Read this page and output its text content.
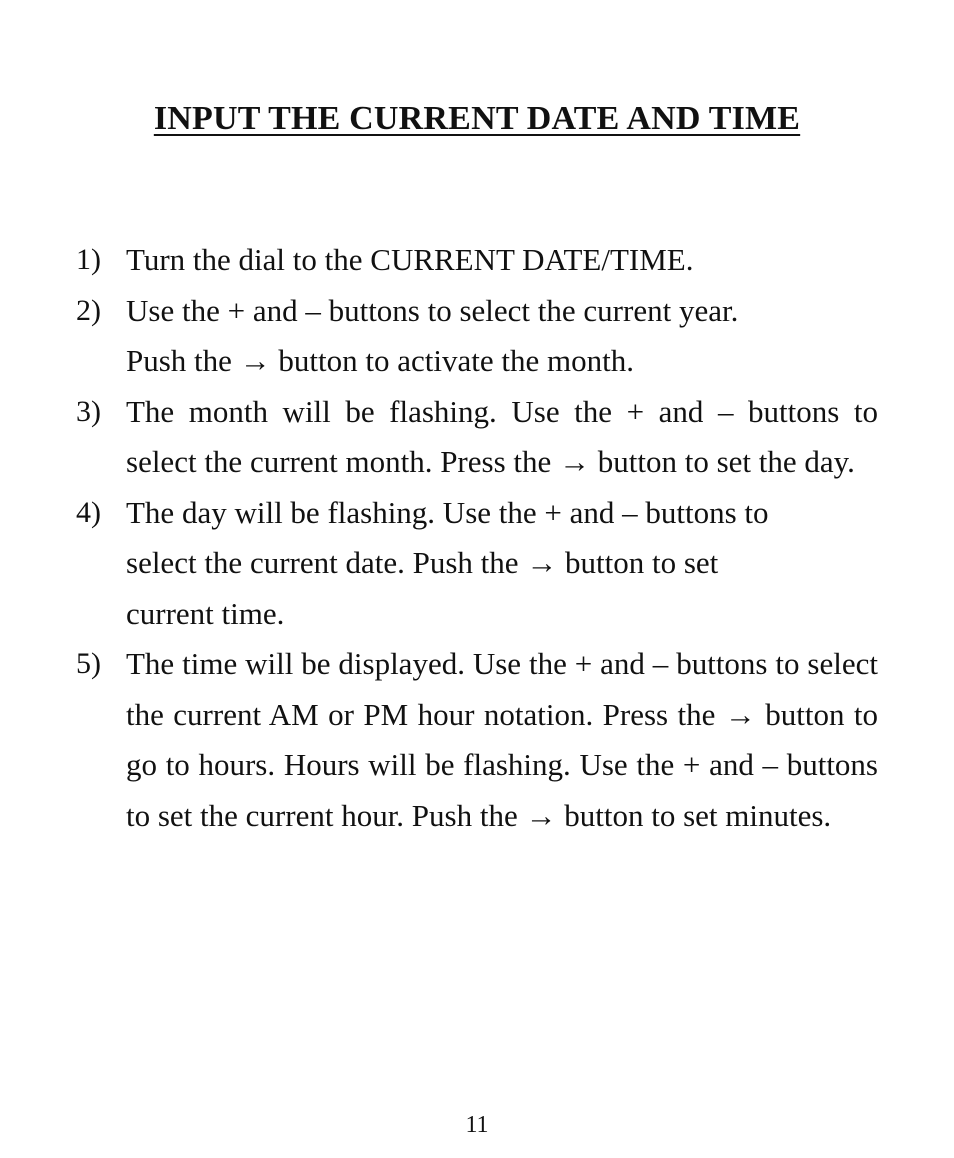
INPUT THE CURRENT DATE AND TIME
1) Turn the dial to the CURRENT DATE/TIME.
2) Use the + and – buttons to select the current year.
Push the → button to activate the month.
3) The month will be flashing. Use the + and – buttons to select the current month. Press the → button to set the day.
4) The day will be flashing. Use the + and – buttons to
select the current date. Push the → button to set
current time.
5) The time will be displayed. Use the + and – buttons to select the current AM or PM hour notation. Press the → button to go to hours. Hours will be flashing. Use the + and – buttons to set the current hour. Push the → button to set minutes.
11
